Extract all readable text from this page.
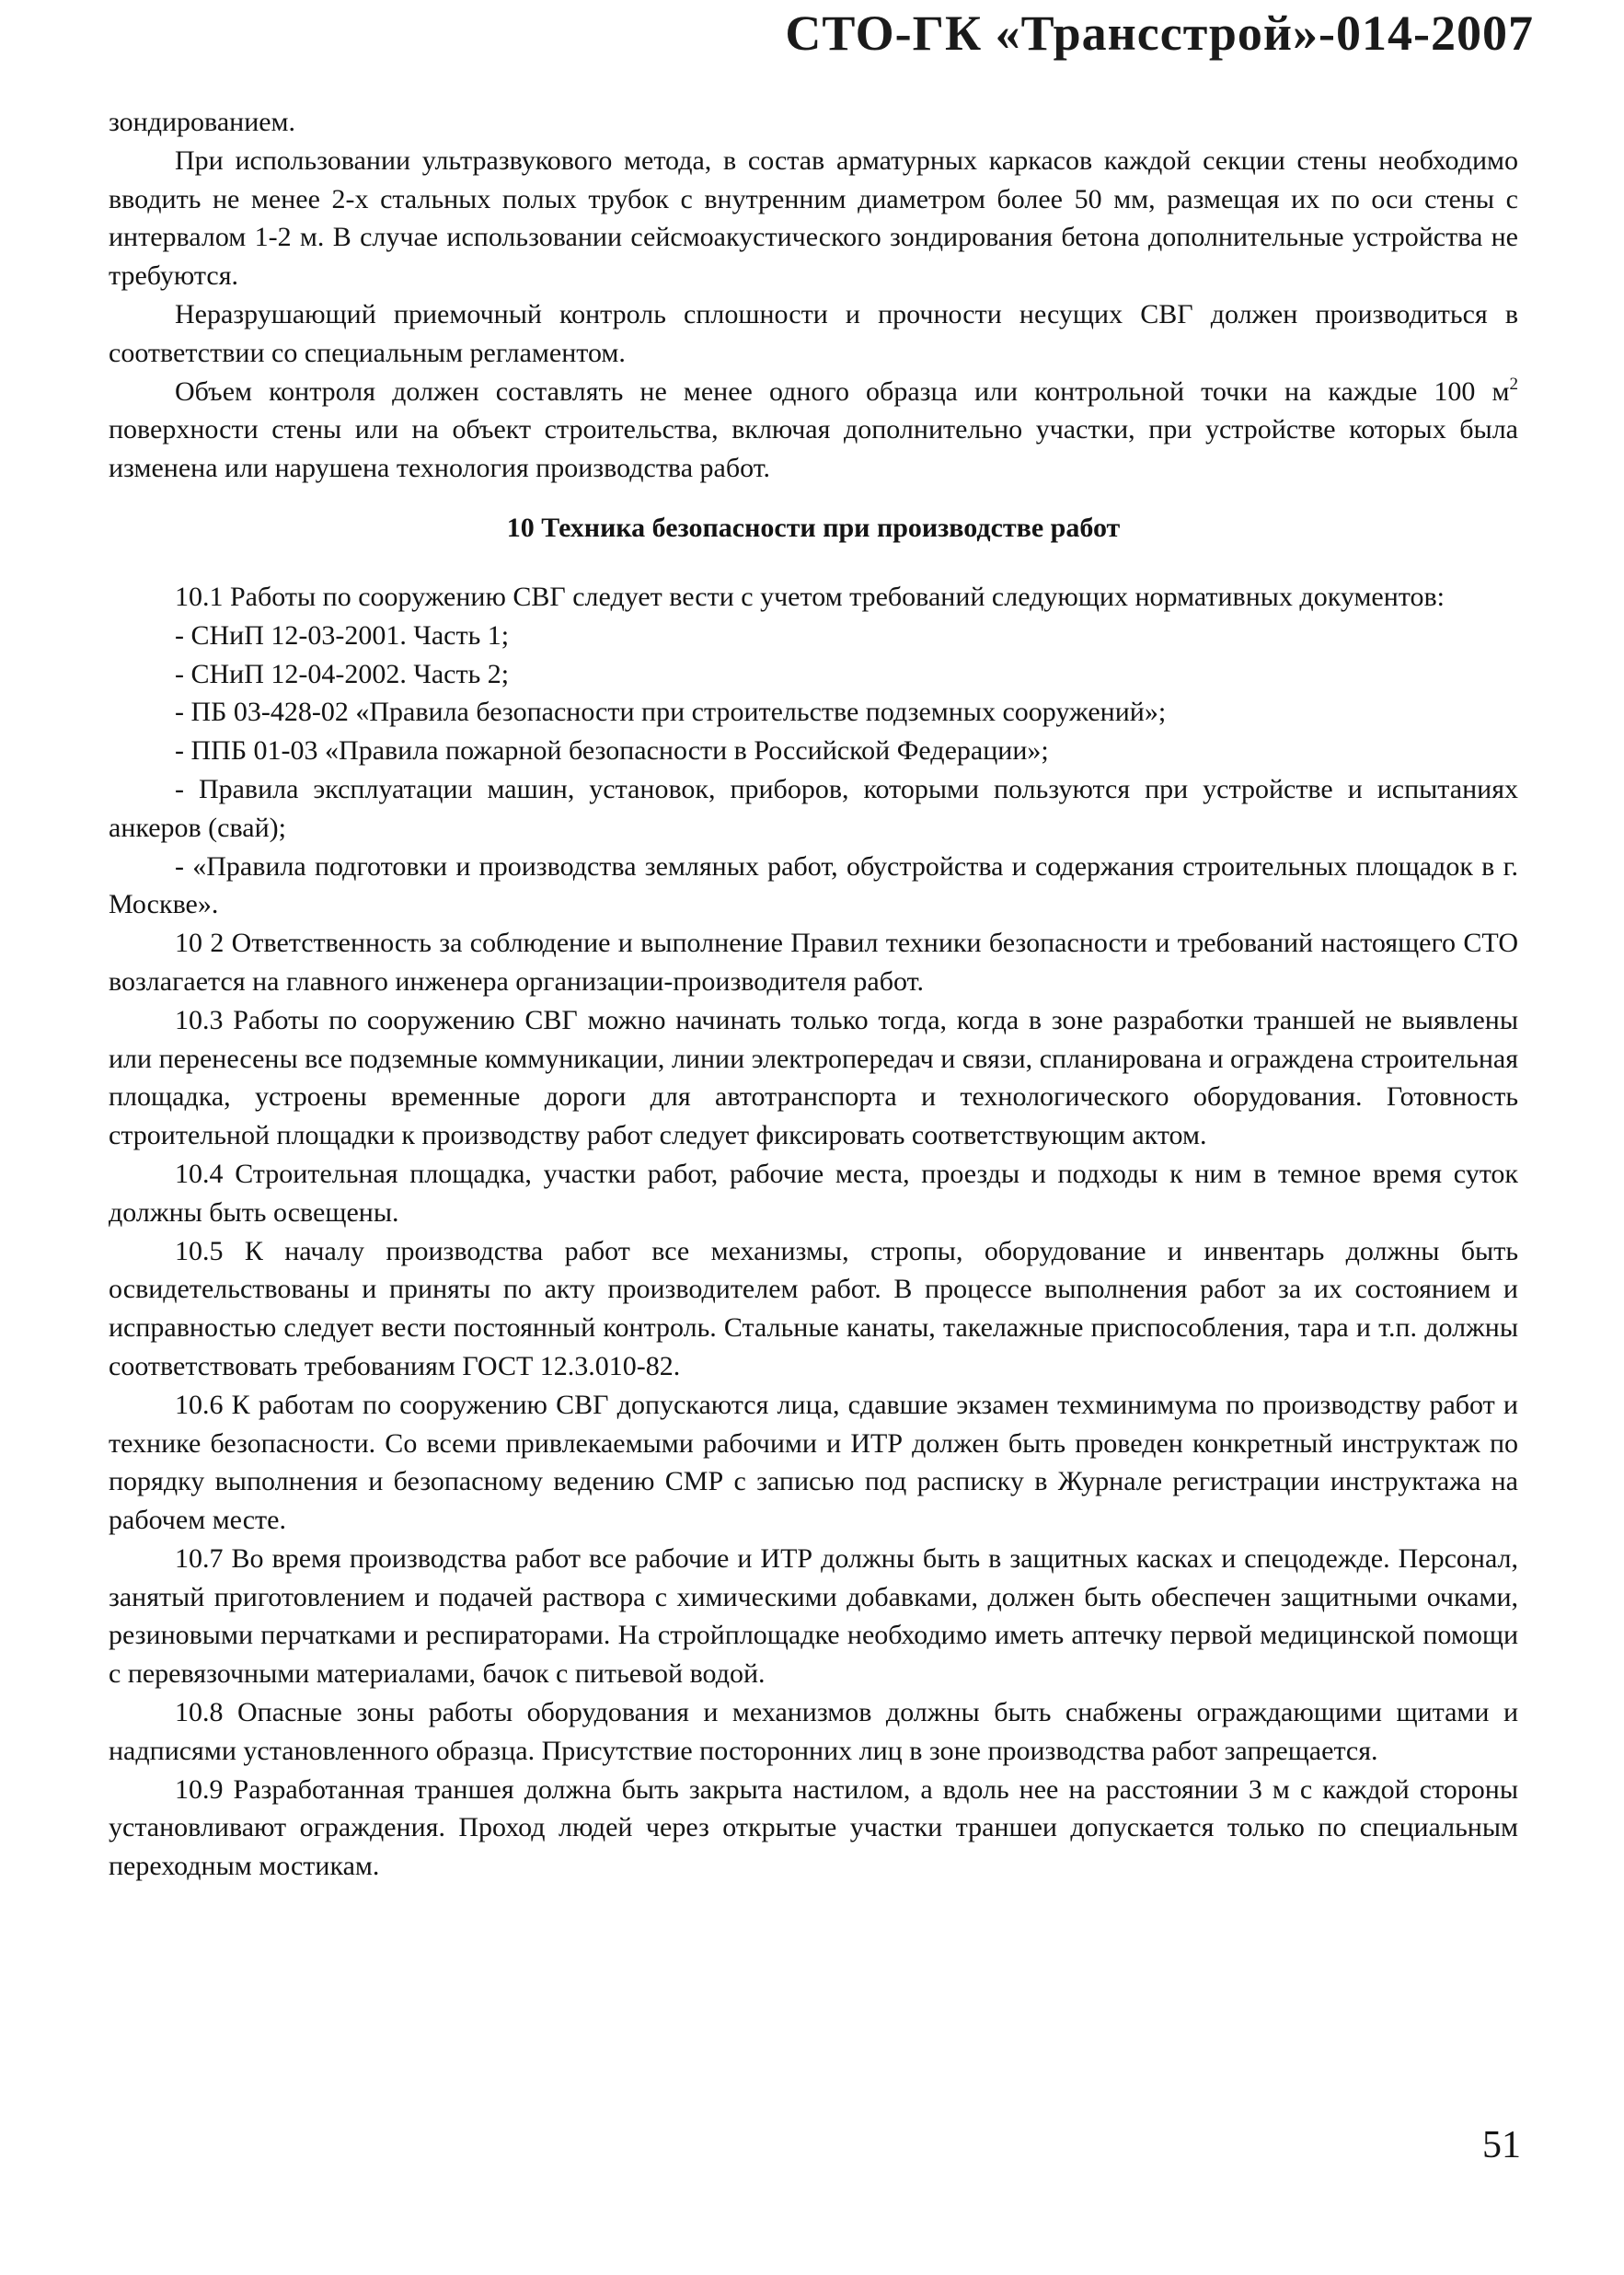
СТО-ГК «Трансстрой»-014-2007

зондированием.

При использовании ультразвукового метода, в состав арматурных каркасов каждой секции стены необходимо вводить не менее 2-х стальных полых трубок с внутренним диаметром более 50 мм, размещая их по оси стены с интервалом 1-2 м. В случае использовании сейсмоакустического зондирования бетона дополнительные устройства не требуются.

Неразрушающий приемочный контроль сплошности и прочности несущих СВГ должен производиться в соответствии со специальным регламентом.

Объем контроля должен составлять не менее одного образца или контрольной точки на каждые 100 $м^2$ поверхности стены или на объект строительства, включая дополнительно участки, при устройстве которых была изменена или нарушена технология производства работ.

10 Техника безопасности при производстве работ

10.1 Работы по сооружению СВГ следует вести с учетом требований следующих нормативных документов:

- СНиП 12-03-2001. Часть 1;

- СНиП 12-04-2002. Часть 2;

- ПБ 03-428-02 «Правила безопасности при строительстве подземных сооружений»;

- ППБ 01-03 «Правила пожарной безопасности в Российской Федерации»;

- Правила эксплуатации машин, установок, приборов, которыми пользуются при устройстве и испытаниях анкеров (свай);

- «Правила подготовки и производства земляных работ, обустройства и содержания строительных площадок в г. Москве».

10 2 Ответственность за соблюдение и выполнение Правил техники безопасности и требований настоящего СТО возлагается на главного инженера организации-производителя работ.

10.3 Работы по сооружению СВГ можно начинать только тогда, когда в зоне разработки траншей не выявлены или перенесены все подземные коммуникации, линии электропередач и связи, спланирована и ограждена строительная площадка, устроены временные дороги для автотранспорта и технологического оборудования. Готовность строительной площадки к производству работ следует фиксировать соответствующим актом.

10.4 Строительная площадка, участки работ, рабочие места, проезды и подходы к ним в темное время суток должны быть освещены.

10.5 К началу производства работ все механизмы, стропы, оборудование и инвентарь должны быть освидетельствованы и приняты по акту производителем работ. В процессе выполнения работ за их состоянием и исправностью следует вести постоянный контроль. Стальные канаты, такелажные приспособления, тара и т.п. должны соответствовать требованиям ГОСТ 12.3.010-82.

10.6 К работам по сооружению СВГ допускаются лица, сдавшие экзамен техминимума по производству работ и технике безопасности. Со всеми привлекаемыми рабочими и ИТР должен быть проведен конкретный инструктаж по порядку выполнения и безопасному ведению СМР с записью под расписку в Журнале регистрации инструктажа на рабочем месте.

10.7 Во время производства работ все рабочие и ИТР должны быть в защитных касках и спецодежде. Персонал, занятый приготовлением и подачей раствора с химическими добавками, должен быть обеспечен защитными очками, резиновыми перчатками и респираторами. На стройплощадке необходимо иметь аптечку первой медицинской помощи с перевязочными материалами, бачок с питьевой водой.

10.8 Опасные зоны работы оборудования и механизмов должны быть снабжены ограждающими щитами и надписями установленного образца. Присутствие посторонних лиц в зоне производства работ запрещается.

10.9 Разработанная траншея должна быть закрыта настилом, а вдоль нее на расстоянии 3 м с каждой стороны установливают ограждения. Проход людей через открытые участки траншеи допускается только по специальным переходным мостикам.

51
